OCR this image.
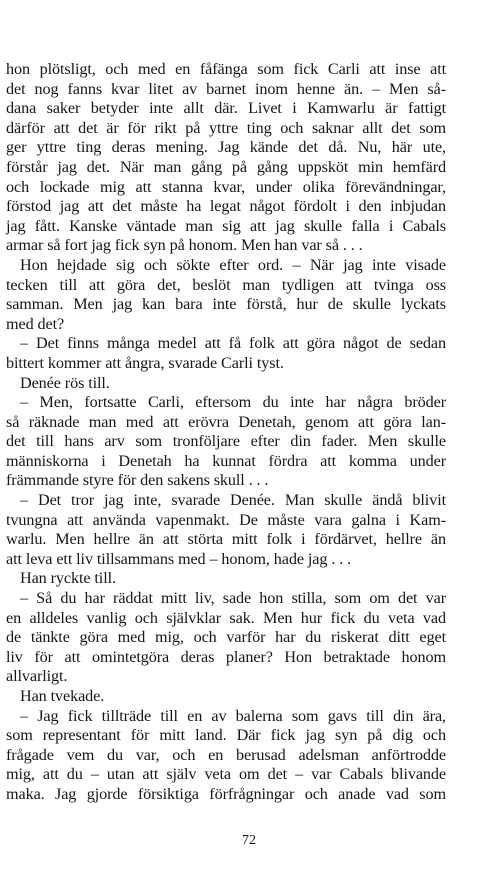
hon plötsligt, och med en fåfänga som fick Carli att inse att
det nog fanns kvar litet av barnet inom henne än. – Men så-
dana saker betyder inte allt där. Livet i Kamwarlu är fattigt
därför att det är för rikt på yttre ting och saknar allt det som
ger yttre ting deras mening. Jag kände det då. Nu, här ute,
förstår jag det. När man gång på gång uppsköt min hemfärd
och lockade mig att stanna kvar, under olika förevändningar,
förstod jag att det måste ha legat något fördolt i den inbjudan
jag fått. Kanske väntade man sig att jag skulle falla i Cabals
armar så fort jag fick syn på honom. Men han var så . . .
Hon hejdade sig och sökte efter ord. – När jag inte visade
tecken till att göra det, beslöt man tydligen att tvinga oss
samman. Men jag kan bara inte förstå, hur de skulle lyckats
med det?
– Det finns många medel att få folk att göra något de sedan
bittert kommer att ångra, svarade Carli tyst.
Denée rös till.
– Men, fortsatte Carli, eftersom du inte har några bröder
så räknade man med att erövra Denetah, genom att göra lan-
det till hans arv som tronföljare efter din fader. Men skulle
människorna i Denetah ha kunnat fördra att komma under
främmande styre för den sakens skull . . .
– Det tror jag inte, svarade Denée. Man skulle ändå blivit
tvungna att använda vapenmakt. De måste vara galna i Kam-
warlu. Men hellre än att störta mitt folk i fördärvet, hellre än
att leva ett liv tillsammans med – honom, hade jag . . .
Han ryckte till.
– Så du har räddat mitt liv, sade hon stilla, som om det var
en alldeles vanlig och självklar sak. Men hur fick du veta vad
de tänkte göra med mig, och varför har du riskerat ditt eget
liv för att omintetgöra deras planer? Hon betraktade honom
allvarligt.
Han tvekade.
– Jag fick tillträde till en av balerna som gavs till din ära,
som representant för mitt land. Där fick jag syn på dig och
frågade vem du var, och en berusad adelsman anförtrodde
mig, att du – utan att själv veta om det – var Cabals blivande
maka. Jag gjorde försiktiga förfrågningar och anade vad som
72
